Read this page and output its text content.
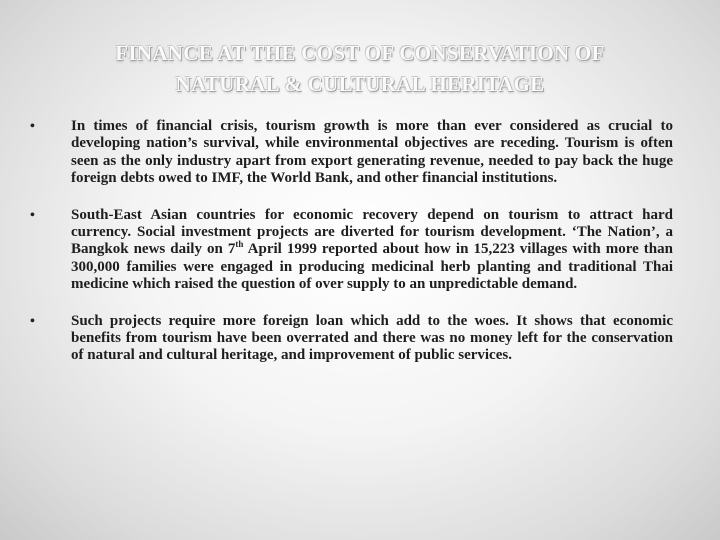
FINANCE AT THE COST OF CONSERVATION OF
NATURAL & CULTURAL HERITAGE
• In times of financial crisis, tourism growth is more than ever considered as crucial to developing nation’s survival, while environmental objectives are receding. Tourism is often seen as the only industry apart from export generating revenue, needed to pay back the huge foreign debts owed to IMF, the World Bank, and other financial institutions.
• South-East Asian countries for economic recovery depend on tourism to attract hard currency. Social investment projects are diverted for tourism development. ‘The Nation’, a Bangkok news daily on 7th April 1999 reported about how in 15,223 villages with more than 300,000 families were engaged in producing medicinal herb planting and traditional Thai medicine which raised the question of over supply to an unpredictable demand.
• Such projects require more foreign loan which add to the woes. It shows that economic benefits from tourism have been overrated and there was no money left for the conservation of natural and cultural heritage, and improvement of public services.
